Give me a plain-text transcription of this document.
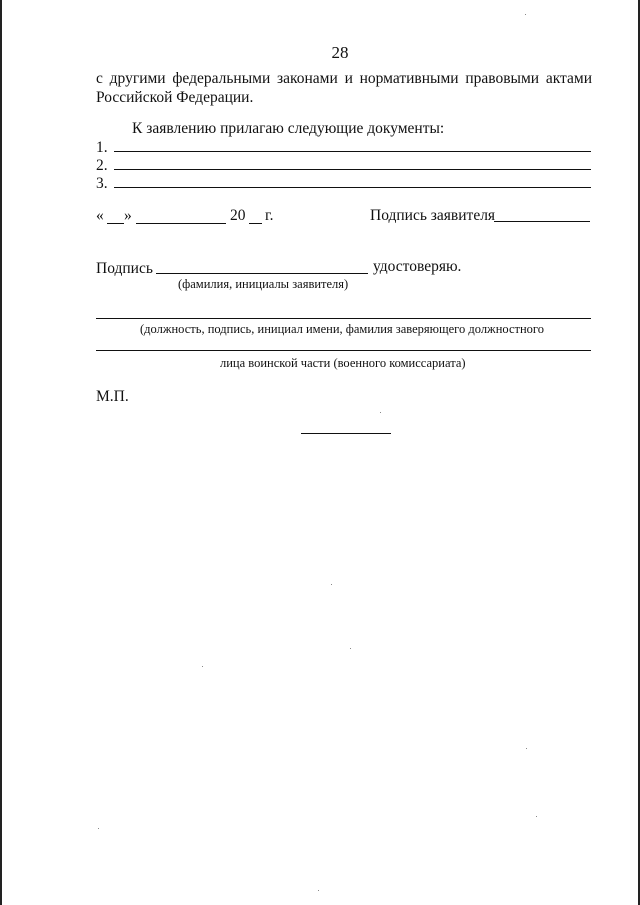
28
с другими федеральными законами и нормативными правовыми актами
Российской Федерации.
К заявлению прилагаю следующие документы:
1.
2.
3.
« »	20 г.	Подпись заявителя
Подпись	удостоверяю.
(фамилия, инициалы заявителя)
(должность, подпись, инициал имени, фамилия заверяющего должностного
лица воинской части (военного комиссариата)
М.П.
